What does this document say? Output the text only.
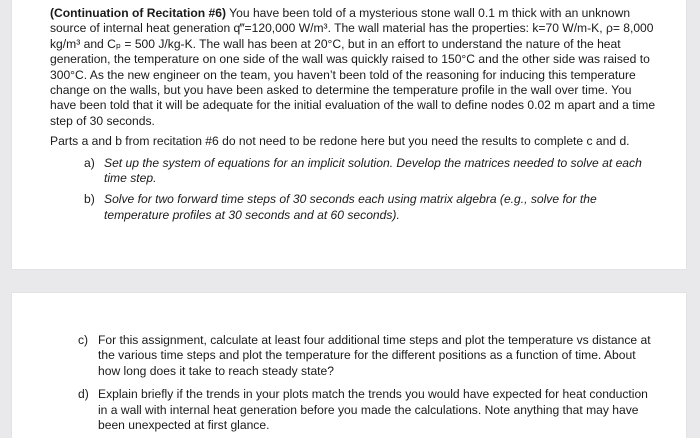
(Continuation of Recitation #6) You have been told of a mysterious stone wall 0.1 m thick with an unknown source of internal heat generation q‴=120,000 W/m³. The wall material has the properties: k=70 W/m-K, ρ= 8,000 kg/m³ and Cₚ = 500 J/kg-K. The wall has been at 20°C, but in an effort to understand the nature of the heat generation, the temperature on one side of the wall was quickly raised to 150°C and the other side was raised to 300°C. As the new engineer on the team, you haven’t been told of the reasoning for inducing this temperature change on the walls, but you have been asked to determine the temperature profile in the wall over time. You have been told that it will be adequate for the initial evaluation of the wall to define nodes 0.02 m apart and a time step of 30 seconds.

Parts a and b from recitation #6 do not need to be redone here but you need the results to complete c and d.

a) Set up the system of equations for an implicit solution. Develop the matrices needed to solve at each time step.
b) Solve for two forward time steps of 30 seconds each using matrix algebra (e.g., solve for the temperature profiles at 30 seconds and at 60 seconds).
c) For this assignment, calculate at least four additional time steps and plot the temperature vs distance at the various time steps and plot the temperature for the different positions as a function of time. About how long does it take to reach steady state?
d) Explain briefly if the trends in your plots match the trends you would have expected for heat conduction in a wall with internal heat generation before you made the calculations. Note anything that may have been unexpected at first glance.
